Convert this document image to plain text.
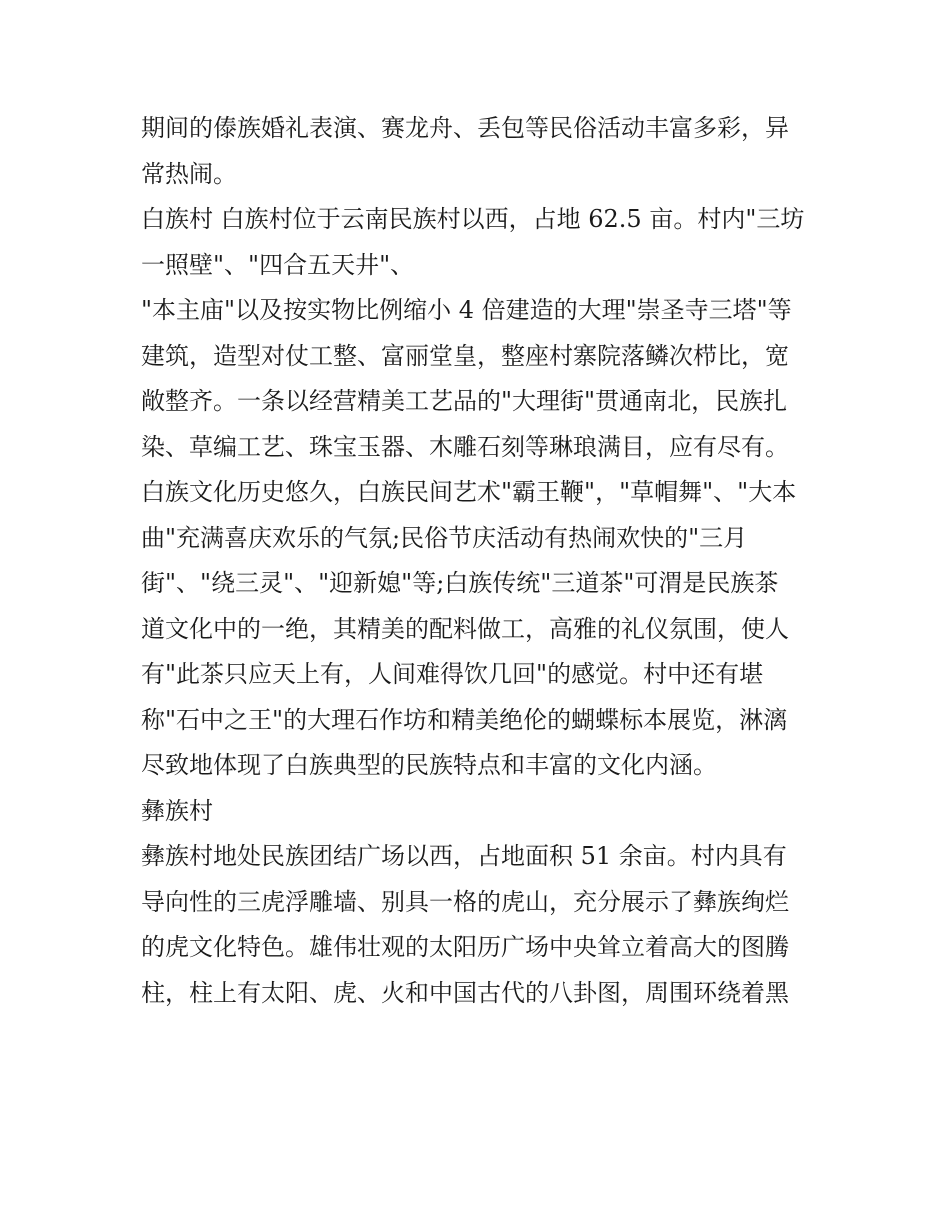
期间的傣族婚礼表演、赛龙舟、丢包等民俗活动丰富多彩，异
常热闹。
白族村 白族村位于云南民族村以西，占地 62.5 亩。村内"三坊
一照壁"、"四合五天井"、
"本主庙"以及按实物比例缩小 4 倍建造的大理"崇圣寺三塔"等
建筑，造型对仗工整、富丽堂皇，整座村寨院落鳞次栉比，宽
敞整齐。一条以经营精美工艺品的"大理街"贯通南北，民族扎
染、草编工艺、珠宝玉器、木雕石刻等琳琅满目，应有尽有。
白族文化历史悠久，白族民间艺术"霸王鞭"，"草帽舞"、"大本
曲"充满喜庆欢乐的气氛;民俗节庆活动有热闹欢快的"三月
街"、"绕三灵"、"迎新媳"等;白族传统"三道茶"可渭是民族茶
道文化中的一绝，其精美的配料做工，高雅的礼仪氛围，使人
有"此茶只应天上有，人间难得饮几回"的感觉。村中还有堪
称"石中之王"的大理石作坊和精美绝伦的蝴蝶标本展览，淋漓
尽致地体现了白族典型的民族特点和丰富的文化内涵。
彝族村
彝族村地处民族团结广场以西，占地面积 51 余亩。村内具有
导向性的三虎浮雕墙、别具一格的虎山，充分展示了彝族绚烂
的虎文化特色。雄伟壮观的太阳历广场中央耸立着高大的图腾
柱，柱上有太阳、虎、火和中国古代的八卦图，周围环绕着黑
